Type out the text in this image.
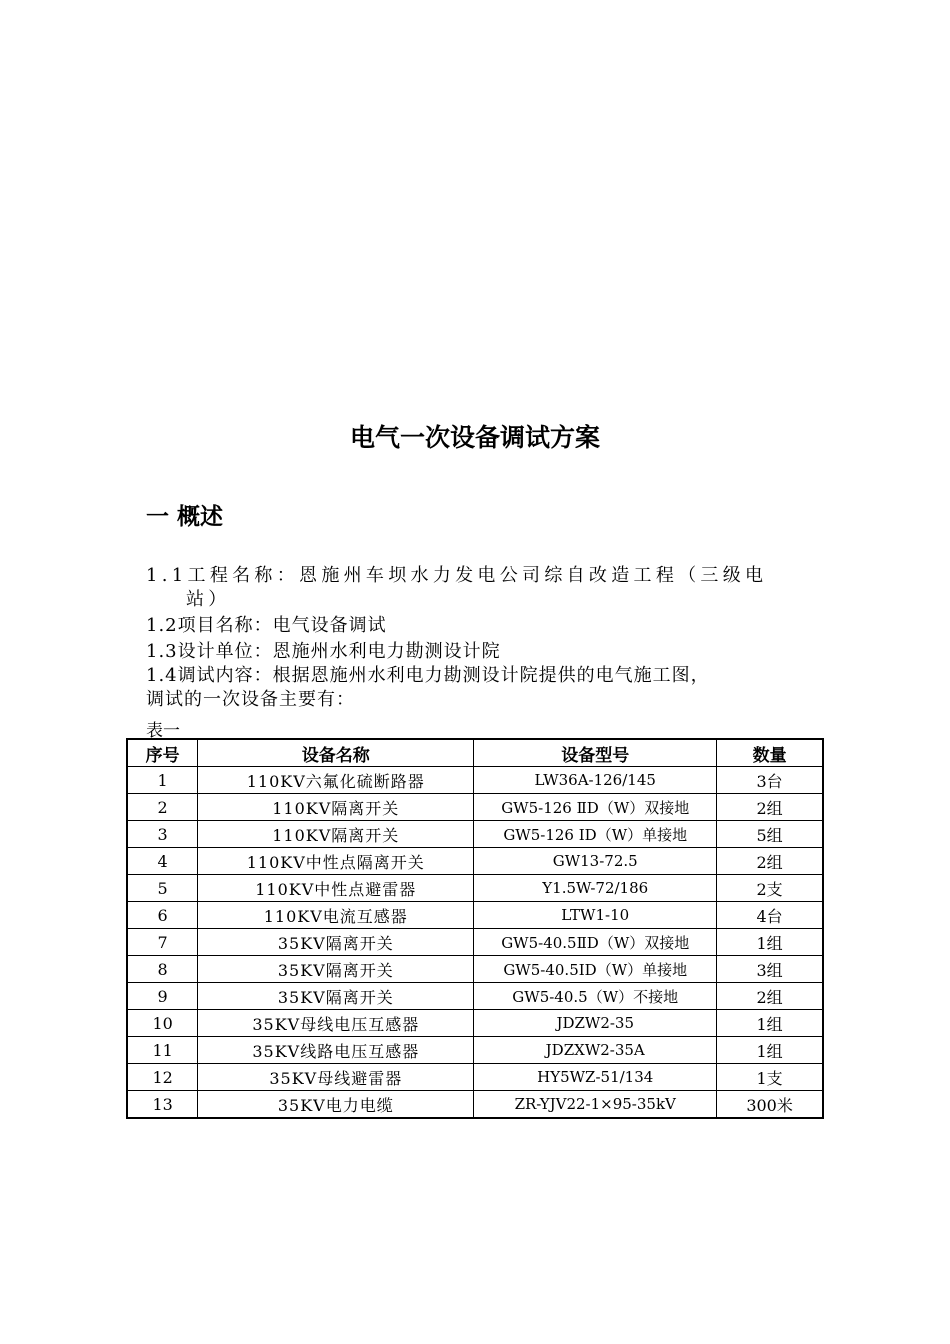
电气一次设备调试方案
一 概述
1.1工程名称：恩施州车坝水力发电公司综自改造工程（三级电
站）
1.2项目名称：电气设备调试
1.3设计单位：恩施州水利电力勘测设计院
1.4调试内容：根据恩施州水利电力勘测设计院提供的电气施工图，
调试的一次设备主要有：
表一
序号	设备名称	设备型号	数量
1	110KV六氟化硫断路器	LW36A-126/145	3台
2	110KV隔离开关	GW5-126 ⅡD（W）双接地	2组
3	110KV隔离开关	GW5-126 ⅠD（W）单接地	5组
4	110KV中性点隔离开关	GW13-72.5	2组
5	110KV中性点避雷器	Y1.5W-72/186	2支
6	110KV电流互感器	LTW1-10	4台
7	35KV隔离开关	GW5-40.5ⅡD（W）双接地	1组
8	35KV隔离开关	GW5-40.5ⅠD（W）单接地	3组
9	35KV隔离开关	GW5-40.5（W）不接地	2组
10	35KV母线电压互感器	JDZW2-35	1组
11	35KV线路电压互感器	JDZXW2-35A	1组
12	35KV母线避雷器	HY5WZ-51/134	1支
13	35KV电力电缆	ZR-YJV22-1×95-35kV	300米
